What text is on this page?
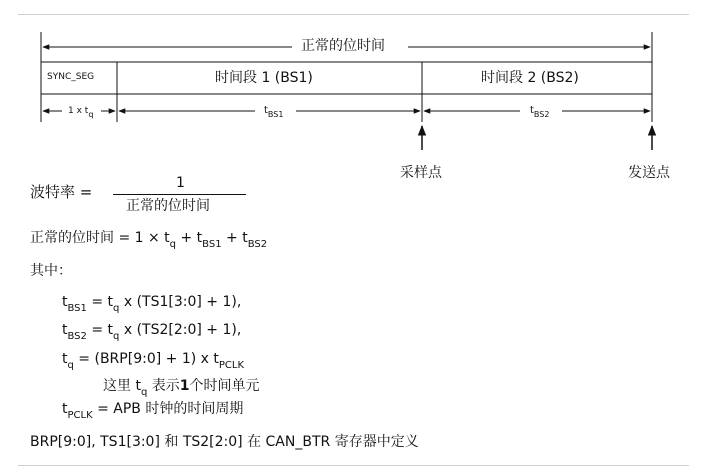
正常的位时间
SYNC_SEG	时间段 1 (BS1)	时间段 2 (BS2)
1 x tq	$t_{BS1}$	$t_{BS2}$
采样点	发送点
波特率 =	1
正常的位时间
正常的位时间 = $1 \times t_q + t_{BS1} + t_{BS2}$
其中：
$t_{BS1} = t_q$ x (TS1[3:0] + 1),
$t_{BS2} = t_q$ x (TS2[2:0] + 1),
$t_q$ = (BRP[9:0] + 1) x $t_{PCLK}$
这里 $t_q$ 表示1个时间单元
$t_{PCLK}$ = APB 时钟的时间周期
BRP[9:0], TS1[3:0] 和 TS2[2:0] 在 CAN_BTR 寄存器中定义
